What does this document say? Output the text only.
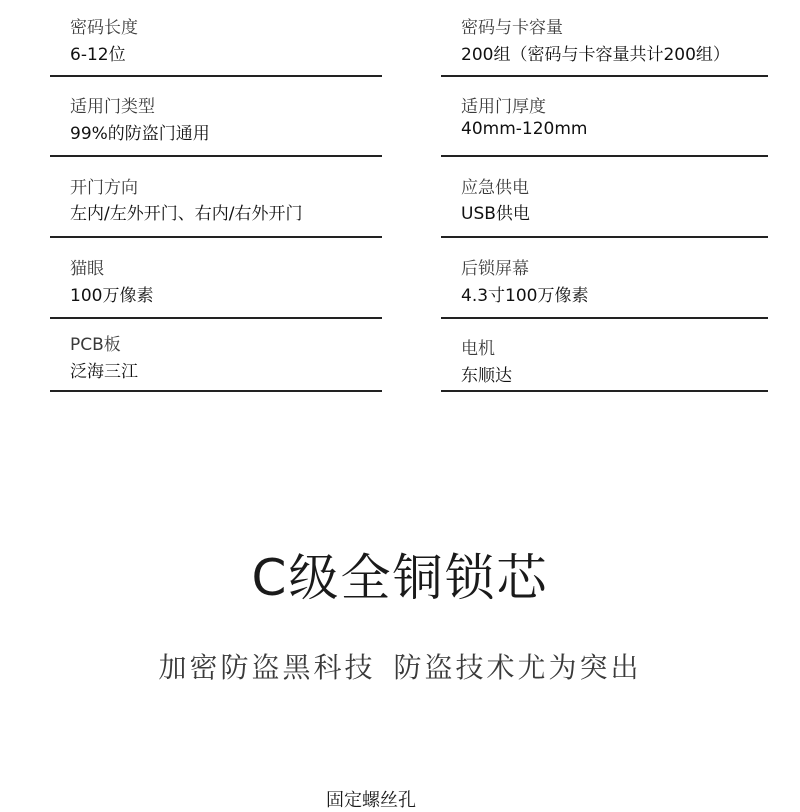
密码长度
6-12位
密码与卡容量
200组（密码与卡容量共计200组）
适用门类型
99%的防盗门通用
适用门厚度
40mm-120mm
开门方向
左内/左外开门、右内/右外开门
应急供电
USB供电
猫眼
100万像素
后锁屏幕
4.3寸100万像素
PCB板
泛海三江
电机
东顺达
C级全铜锁芯
加密防盗黑科技 防盗技术尤为突出
固定螺丝孔
